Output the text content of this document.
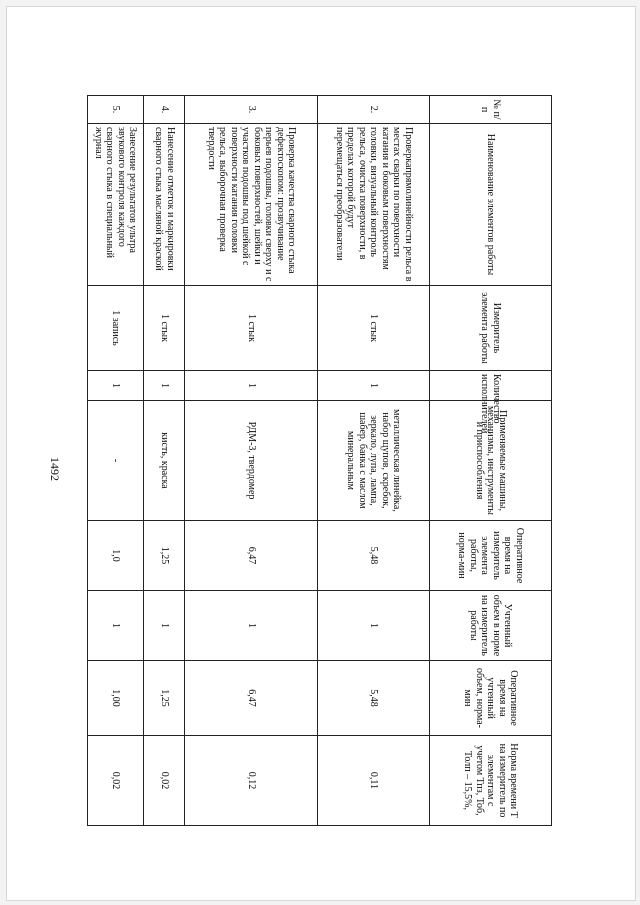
1492
№ п/п	Наименование элементов работы	Измеритель элемента работы	Количество исполнителей	Применяемые машины, механизмы, инструменты и приспособления	Оперативное время на измеритель элемента работы, норма-мин	Учтенный объем в норме на измеритель работы	Оперативное время на учтенный объем, норма-мин	Норма времени Т на измеритель по элементам с учетом Тпз, Тоб, Толп – 15,5%,
2.	Проверкапрямолинейности рельса в местах сварки по поверхности катания и боковым поверхностям головки, визуальный контроль рельса, очистка поверхности, в пределах которой будут перемещаться преобразователи	1 стык	1	металлическая линейка, набор щупов, скребок, зеркало, лупа, лампа, шабер, банка с маслом минеральным	5,48	1	5,48	0,11
3.	Проверка качества сварного стыка дефектоскопом: прозвучивание перьев подошвы, головки сверху и с боковых поверхностей, шейки и участков подошвы под шейкой с поверхности катания головки рельса, выборочная проверка твердости	1 стык	1	РДМ-3, твердомер	6,47	1	6,47	0,12
4.	Нанесение отметок и маркировки сварного стыка масляной краской	1 стык	1	кисть, краска	1,25	1	1,25	0,02
5.	Занесение результатов ультра звукового контроля каждого сварного стыка в специальный журнал	1 запись	1	-	1,0	1	1,00	0,02
